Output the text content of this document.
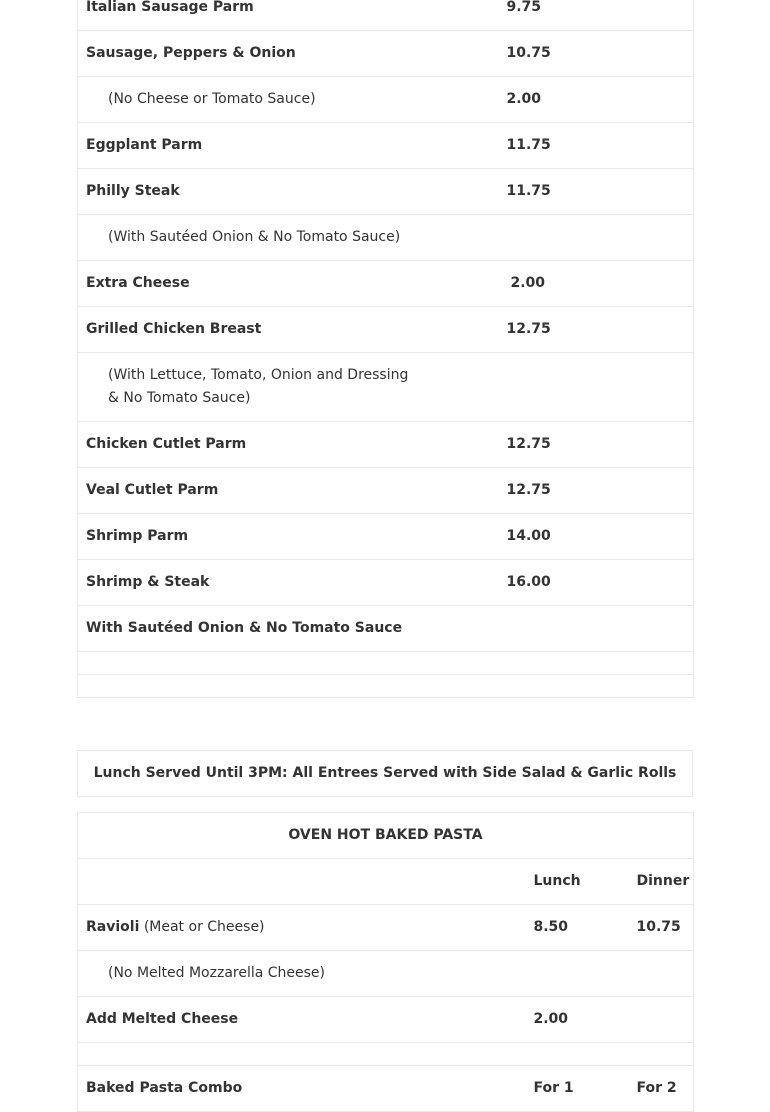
Italian Sausage Parm	9.75
Sausage, Peppers & Onion	10.75
(No Cheese or Tomato Sauce)	2.00
Eggplant Parm	11.75
Philly Steak	11.75
(With Sautéed Onion & No Tomato Sauce)	
Extra Cheese	2.00
Grilled Chicken Breast	12.75
(With Lettuce, Tomato, Onion and Dressing & No Tomato Sauce)	
Chicken Cutlet Parm	12.75
Veal Cutlet Parm	12.75
Shrimp Parm	14.00
Shrimp & Steak	16.00
With Sautéed Onion & No Tomato Sauce	

Lunch Served Until 3PM: All Entrees Served with Side Salad & Garlic Rolls
OVEN HOT BAKED PASTA		
	Lunch	Dinner
Ravioli (Meat or Cheese)	8.50	10.75
(No Melted Mozzarella Cheese)		
Add Melted Cheese	2.00	

Baked Pasta Combo	For 1	For 2
